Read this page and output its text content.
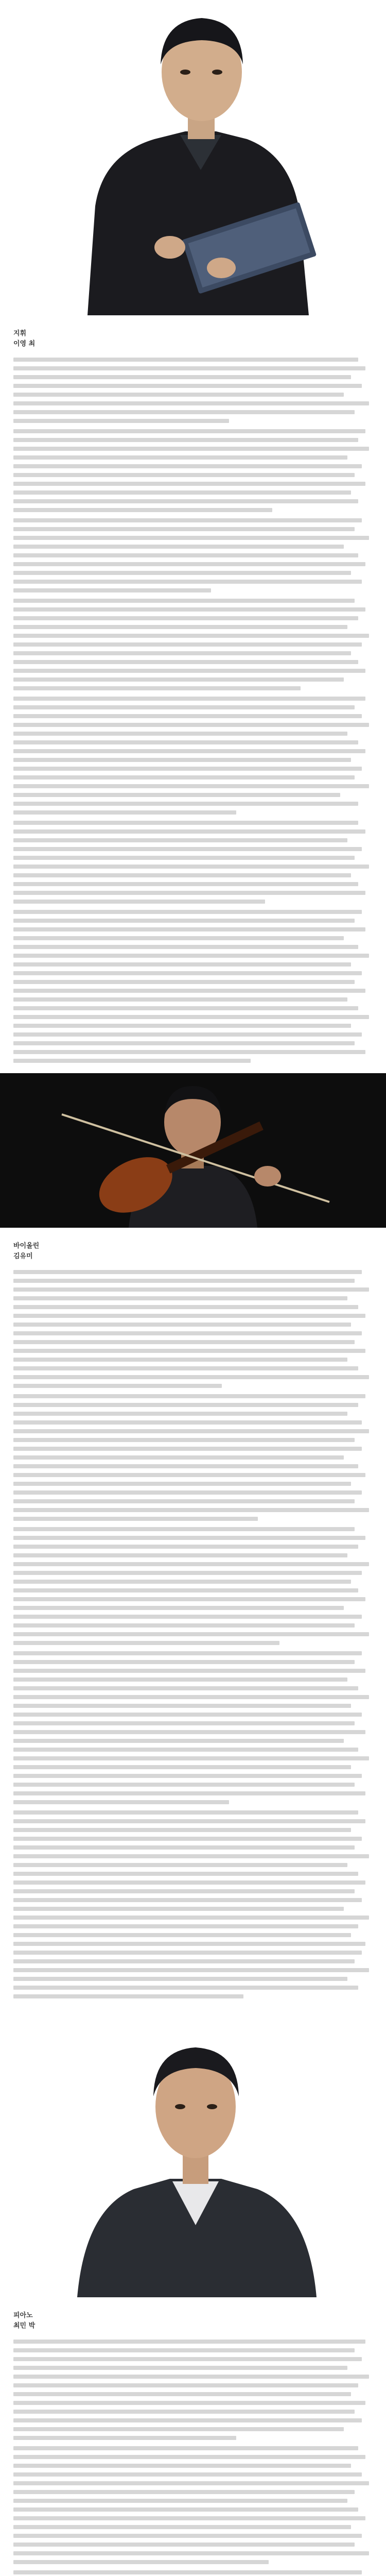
지휘
이영 최
바이올린
김유미
피아노
최민 박
